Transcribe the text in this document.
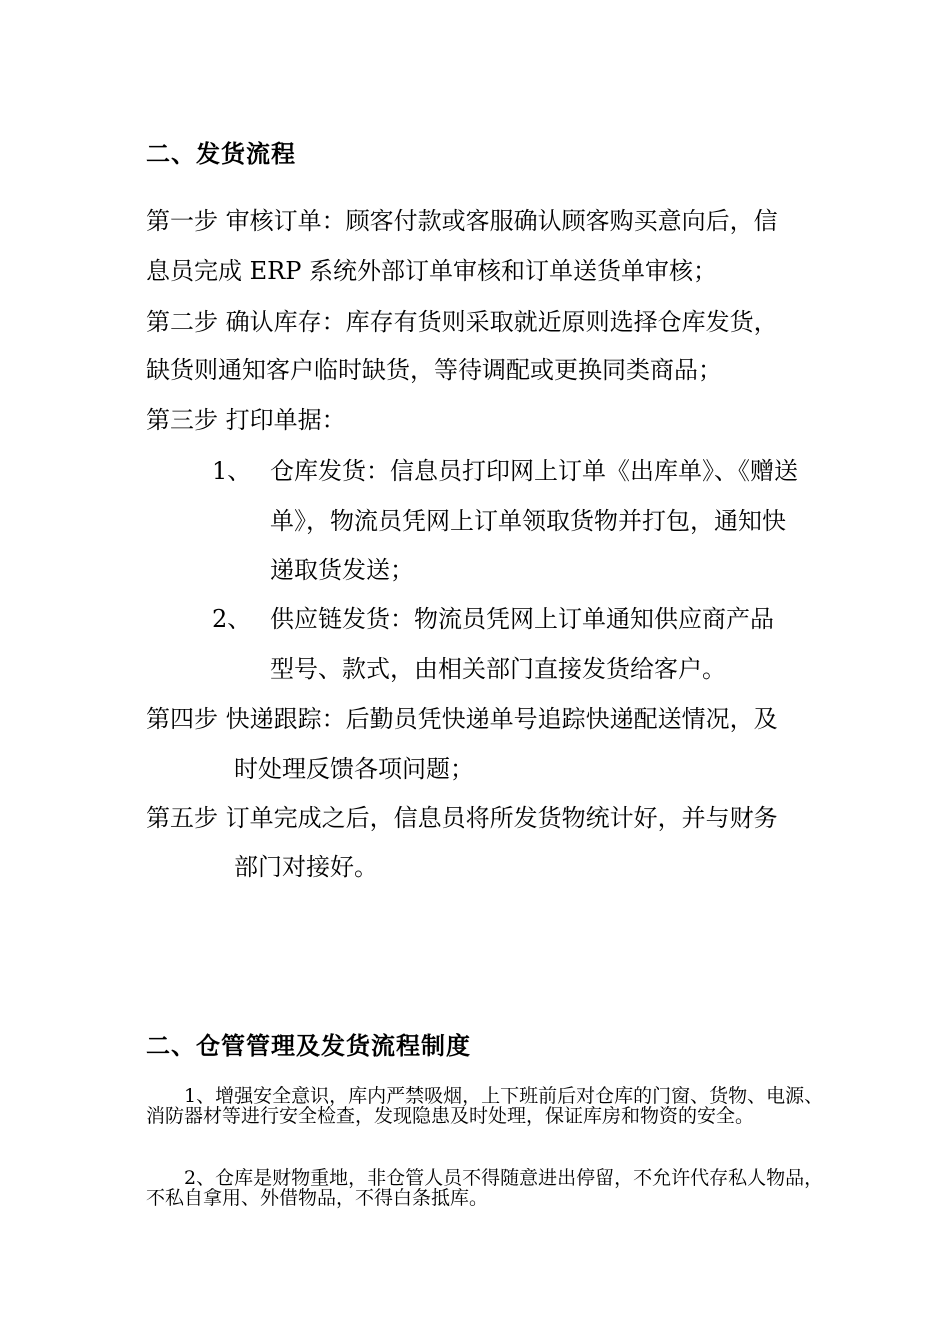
二、发货流程
第一步 审核订单：顾客付款或客服确认顾客购买意向后，信
息员完成 ERP 系统外部订单审核和订单送货单审核；
第二步 确认库存：库存有货则采取就近原则选择仓库发货，
缺货则通知客户临时缺货，等待调配或更换同类商品；
第三步 打印单据：
1、 仓库发货：信息员打印网上订单《出库单》、《赠送
单》，物流员凭网上订单领取货物并打包，通知快
递取货发送；
2、 供应链发货：物流员凭网上订单通知供应商产品
型号、款式，由相关部门直接发货给客户。
第四步 快递跟踪：后勤员凭快递单号追踪快递配送情况，及
时处理反馈各项问题；
第五步 订单完成之后，信息员将所发货物统计好，并与财务
部门对接好。
二、仓管管理及发货流程制度
1、增强安全意识，库内严禁吸烟，上下班前后对仓库的门窗、货物、电源、消防器材等进行安全检查，发现隐患及时处理，保证库房和物资的安全。
2、仓库是财物重地，非仓管人员不得随意进出停留，不允许代存私人物品，不私自拿用、外借物品，不得白条抵库。
